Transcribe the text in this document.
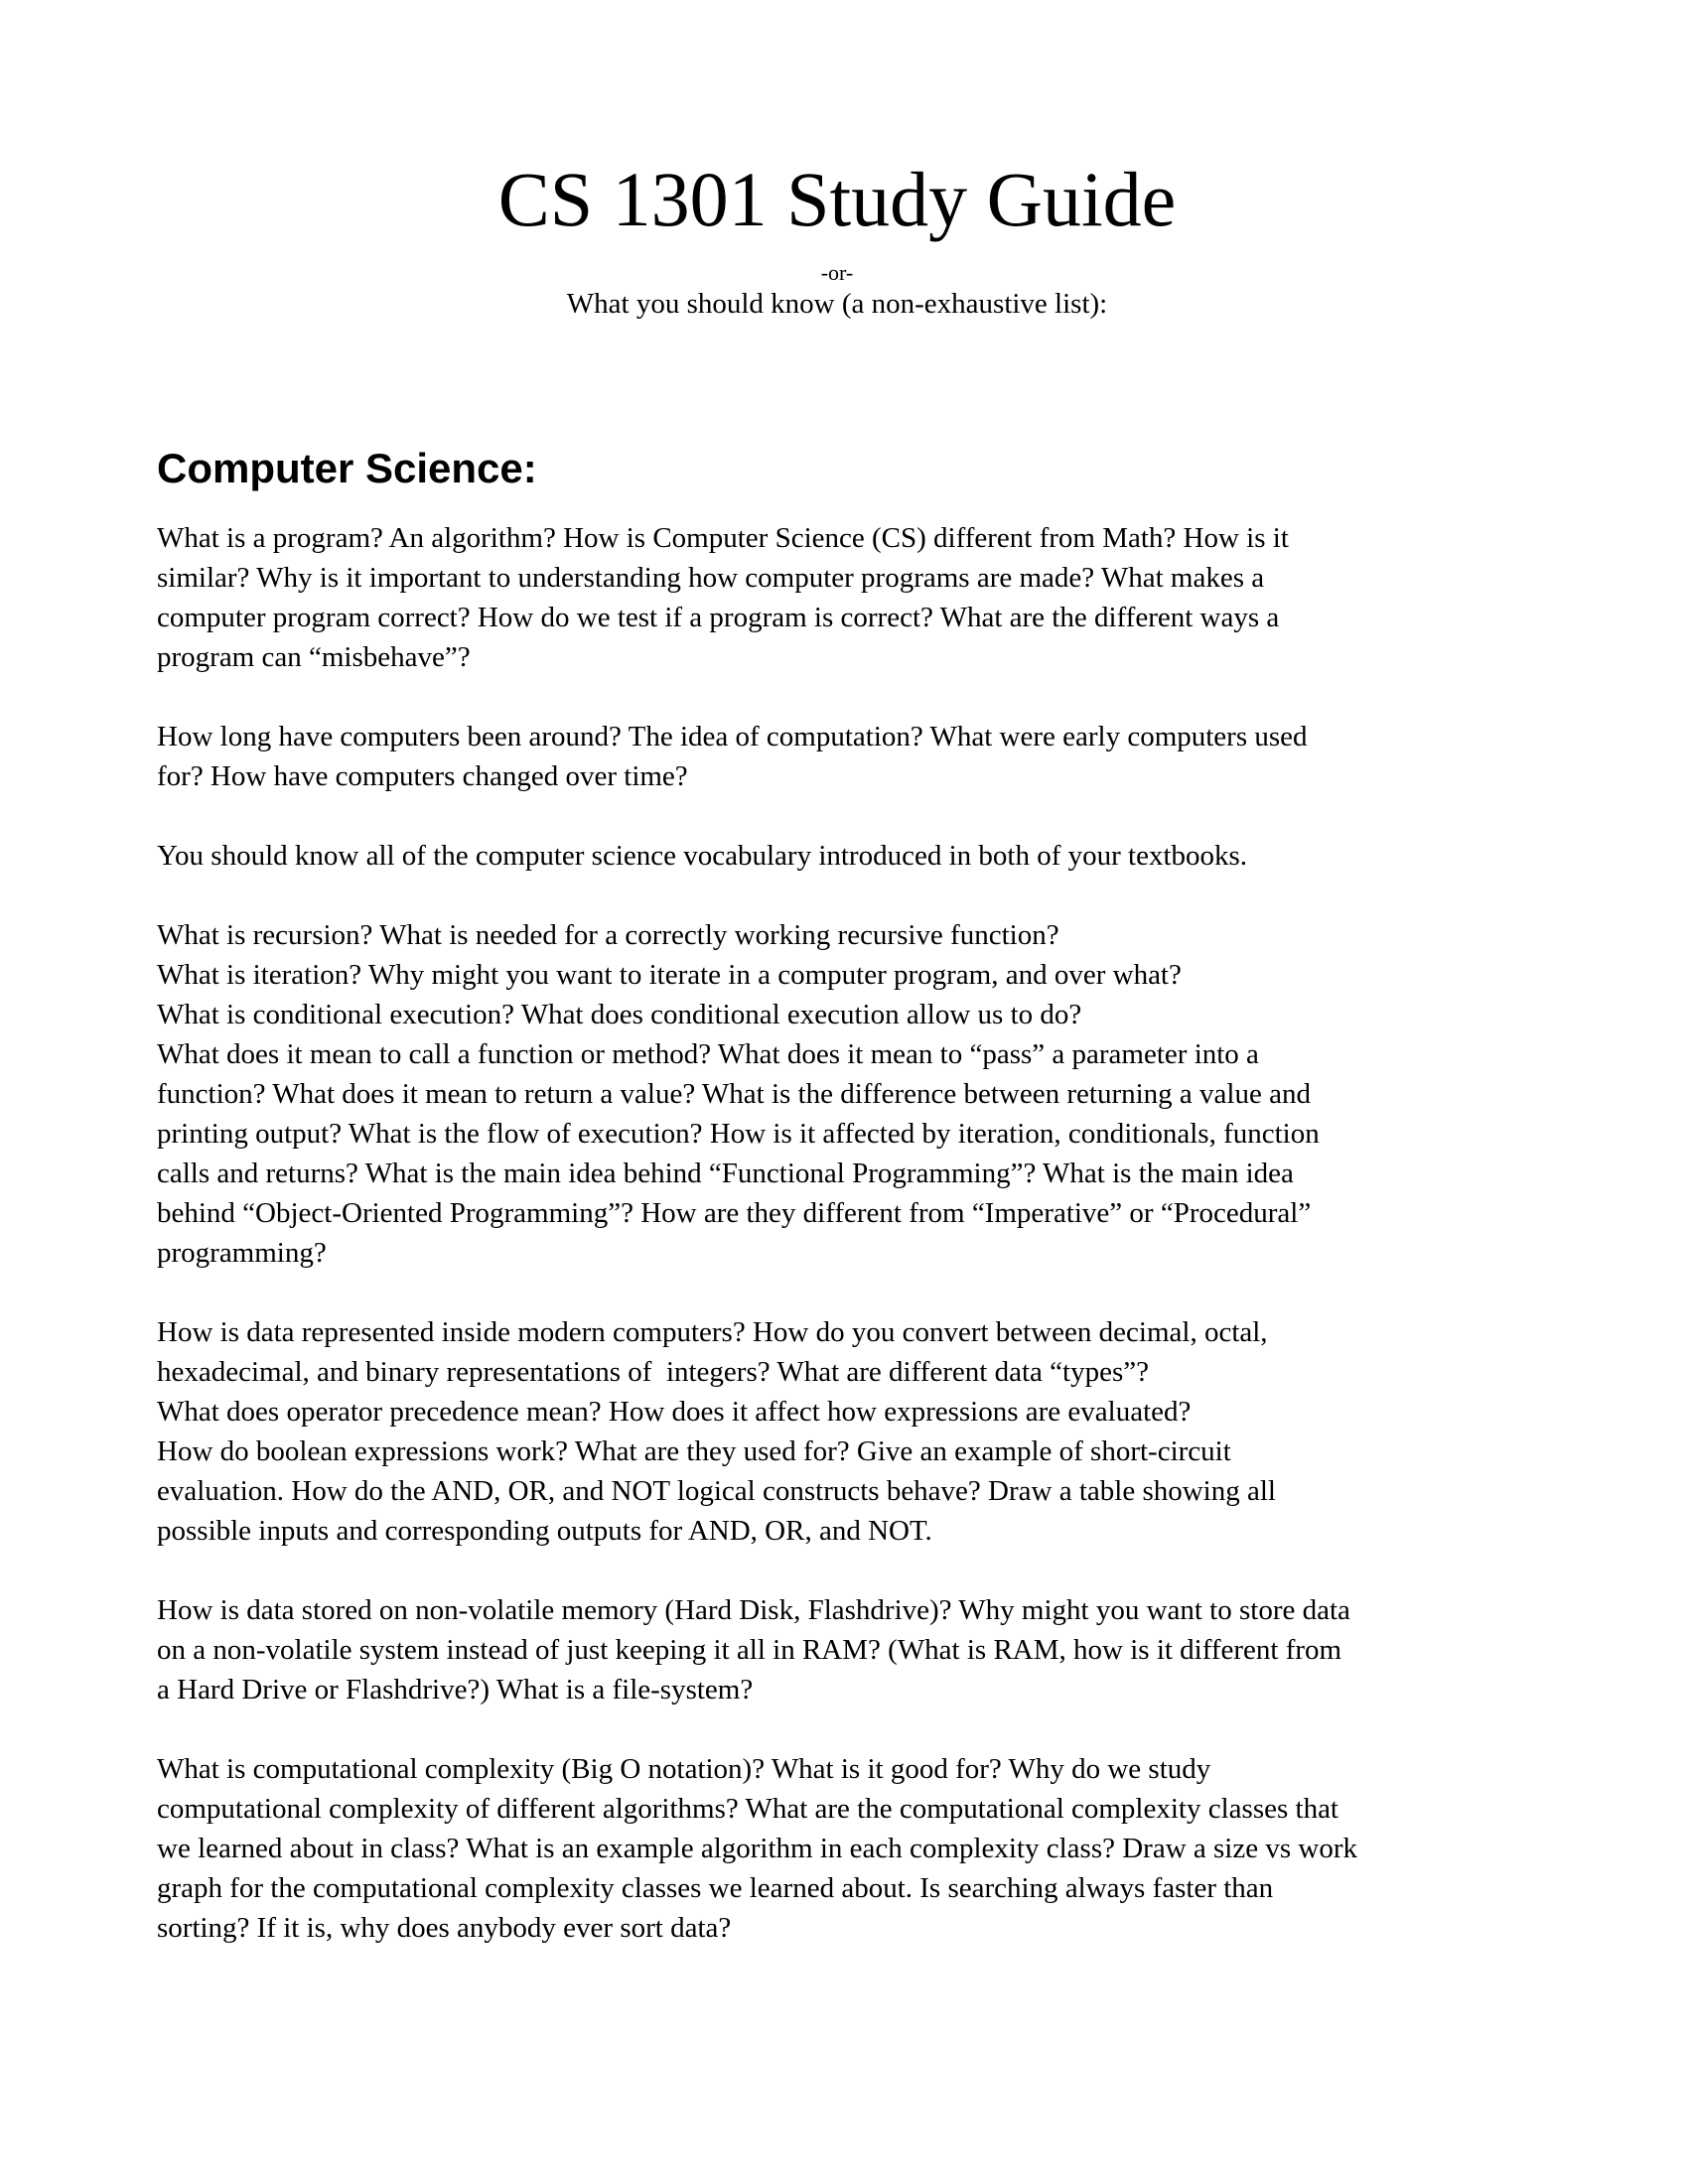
CS 1301 Study Guide
-or-
What you should know (a non-exhaustive list):
Computer Science:

What is a program? An algorithm? How is Computer Science (CS) different from Math? How is it
similar? Why is it important to understanding how computer programs are made? What makes a
computer program correct? How do we test if a program is correct? What are the different ways a
program can “misbehave”?

How long have computers been around? The idea of computation? What were early computers used
for? How have computers changed over time?

You should know all of the computer science vocabulary introduced in both of your textbooks.

What is recursion? What is needed for a correctly working recursive function?
What is iteration? Why might you want to iterate in a computer program, and over what?
What is conditional execution? What does conditional execution allow us to do?
What does it mean to call a function or method? What does it mean to “pass” a parameter into a
function? What does it mean to return a value? What is the difference between returning a value and
printing output? What is the flow of execution? How is it affected by iteration, conditionals, function
calls and returns? What is the main idea behind “Functional Programming”? What is the main idea
behind “Object-Oriented Programming”? How are they different from “Imperative” or “Procedural”
programming?

How is data represented inside modern computers? How do you convert between decimal, octal,
hexadecimal, and binary representations of  integers? What are different data “types”?
What does operator precedence mean? How does it affect how expressions are evaluated?
How do boolean expressions work? What are they used for? Give an example of short-circuit
evaluation. How do the AND, OR, and NOT logical constructs behave? Draw a table showing all
possible inputs and corresponding outputs for AND, OR, and NOT.

How is data stored on non-volatile memory (Hard Disk, Flashdrive)? Why might you want to store data
on a non-volatile system instead of just keeping it all in RAM? (What is RAM, how is it different from
a Hard Drive or Flashdrive?) What is a file-system?

What is computational complexity (Big O notation)? What is it good for? Why do we study
computational complexity of different algorithms? What are the computational complexity classes that
we learned about in class? What is an example algorithm in each complexity class? Draw a size vs work
graph for the computational complexity classes we learned about. Is searching always faster than
sorting? If it is, why does anybody ever sort data?
